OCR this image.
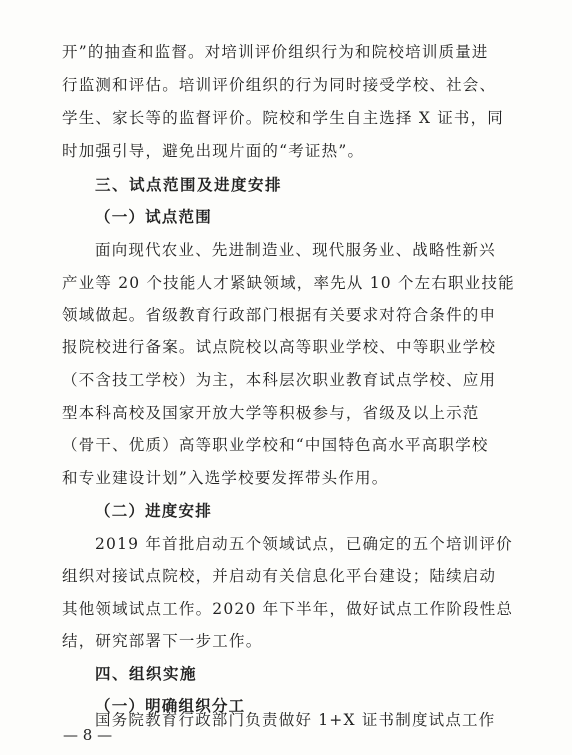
开”的抽查和监督。对培训评价组织行为和院校培训质量进
行监测和评估。培训评价组织的行为同时接受学校、社会、
学生、家长等的监督评价。院校和学生自主选择 X 证书，同
时加强引导，避免出现片面的“考证热”。
三、试点范围及进度安排
（一）试点范围
面向现代农业、先进制造业、现代服务业、战略性新兴
产业等 20 个技能人才紧缺领域，率先从 10 个左右职业技能
领域做起。省级教育行政部门根据有关要求对符合条件的申
报院校进行备案。试点院校以高等职业学校、中等职业学校
（不含技工学校）为主，本科层次职业教育试点学校、应用
型本科高校及国家开放大学等积极参与，省级及以上示范
（骨干、优质）高等职业学校和“中国特色高水平高职学校
和专业建设计划”入选学校要发挥带头作用。
（二）进度安排
2019 年首批启动五个领域试点，已确定的五个培训评价
组织对接试点院校，并启动有关信息化平台建设；陆续启动
其他领域试点工作。2020 年下半年，做好试点工作阶段性总
结，研究部署下一步工作。
四、组织实施
（一）明确组织分工
国务院教育行政部门负责做好 1+X 证书制度试点工作
— 8 —
